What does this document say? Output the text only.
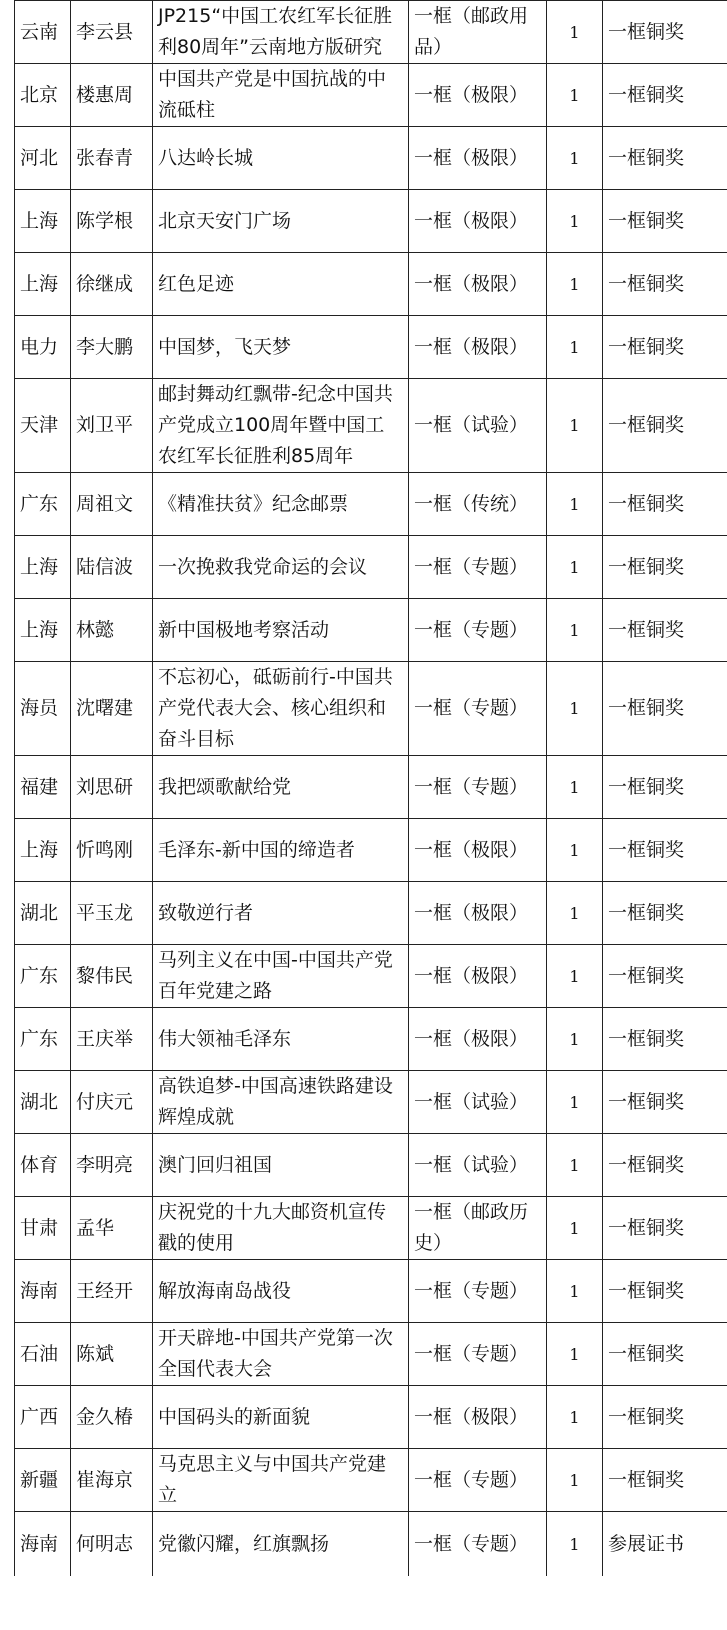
云南	李云县	JP215“中国工农红军长征胜利80周年”云南地方版研究	一框（邮政用品）	1	一框铜奖
北京	楼惠周	中国共产党是中国抗战的中流砥柱	一框（极限）	1	一框铜奖
河北	张春青	八达岭长城	一框（极限）	1	一框铜奖
上海	陈学根	北京天安门广场	一框（极限）	1	一框铜奖
上海	徐继成	红色足迹	一框（极限）	1	一框铜奖
电力	李大鹏	中国梦，飞天梦	一框（极限）	1	一框铜奖
天津	刘卫平	邮封舞动红飘带-纪念中国共产党成立100周年暨中国工农红军长征胜利85周年	一框（试验）	1	一框铜奖
广东	周祖文	《精准扶贫》纪念邮票	一框（传统）	1	一框铜奖
上海	陆信波	一次挽救我党命运的会议	一框（专题）	1	一框铜奖
上海	林懿	新中国极地考察活动	一框（专题）	1	一框铜奖
海员	沈曙建	不忘初心，砥砺前行-中国共产党代表大会、核心组织和奋斗目标	一框（专题）	1	一框铜奖
福建	刘思研	我把颂歌献给党	一框（专题）	1	一框铜奖
上海	忻鸣刚	毛泽东-新中国的缔造者	一框（极限）	1	一框铜奖
湖北	平玉龙	致敬逆行者	一框（极限）	1	一框铜奖
广东	黎伟民	马列主义在中国-中国共产党百年党建之路	一框（极限）	1	一框铜奖
广东	王庆举	伟大领袖毛泽东	一框（极限）	1	一框铜奖
湖北	付庆元	高铁追梦-中国高速铁路建设辉煌成就	一框（试验）	1	一框铜奖
体育	李明亮	澳门回归祖国	一框（试验）	1	一框铜奖
甘肃	孟华	庆祝党的十九大邮资机宣传戳的使用	一框（邮政历史）	1	一框铜奖
海南	王经开	解放海南岛战役	一框（专题）	1	一框铜奖
石油	陈斌	开天辟地-中国共产党第一次全国代表大会	一框（专题）	1	一框铜奖
广西	金久椿	中国码头的新面貌	一框（极限）	1	一框铜奖
新疆	崔海京	马克思主义与中国共产党建立	一框（专题）	1	一框铜奖
海南	何明志	党徽闪耀，红旗飘扬	一框（专题）	1	参展证书
